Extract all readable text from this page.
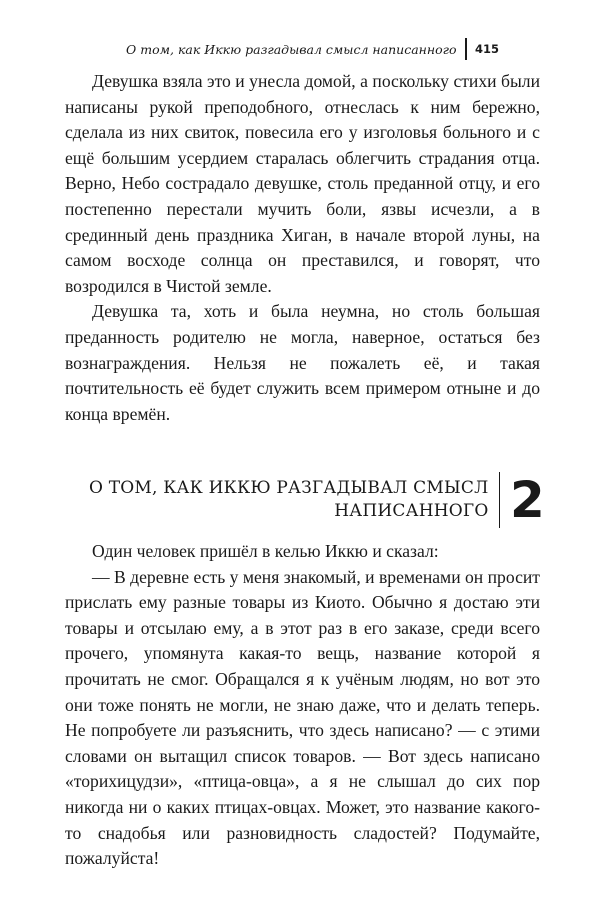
О том, как Иккю разгадывал смысл написанного 415

Девушка взяла это и унесла домой, а поскольку стихи были написаны рукой преподобного, отнеслась к ним бережно, сделала из них свиток, повесила его у изголовья больного и с ещё большим усердием старалась облегчить страдания отца. Верно, Небо сострадало девушке, столь преданной отцу, и его постепенно перестали мучить боли, язвы исчезли, а в срединный день праздника Хиган, в начале второй луны, на самом восходе солнца он преставился, и говорят, что возродился в Чистой земле.

Девушка та, хоть и была неумна, но столь большая преданность родителю не могла, наверное, остаться без вознаграждения. Нельзя не пожалеть её, и такая почтительность её будет служить всем примером отныне и до конца времён.

О ТОМ, КАК ИККЮ РАЗГАДЫВАЛ СМЫСЛ
НАПИСАННОГО 2

Один человек пришёл в келью Иккю и сказал:

— В деревне есть у меня знакомый, и временами он просит прислать ему разные товары из Киото. Обычно я достаю эти товары и отсылаю ему, а в этот раз в его заказе, среди всего прочего, упомянута какая-то вещь, название которой я прочитать не смог. Обращался я к учёным людям, но вот это они тоже понять не могли, не знаю даже, что и делать теперь. Не попробуете ли разъяснить, что здесь написано? — с этими словами он вытащил список товаров. — Вот здесь написано «торихицудзи», «птица-овца», а я не слышал до сих пор никогда ни о каких птицах-овцах. Может, это название какого-то снадобья или разновидность сладостей? Подумайте, пожалуйста!
